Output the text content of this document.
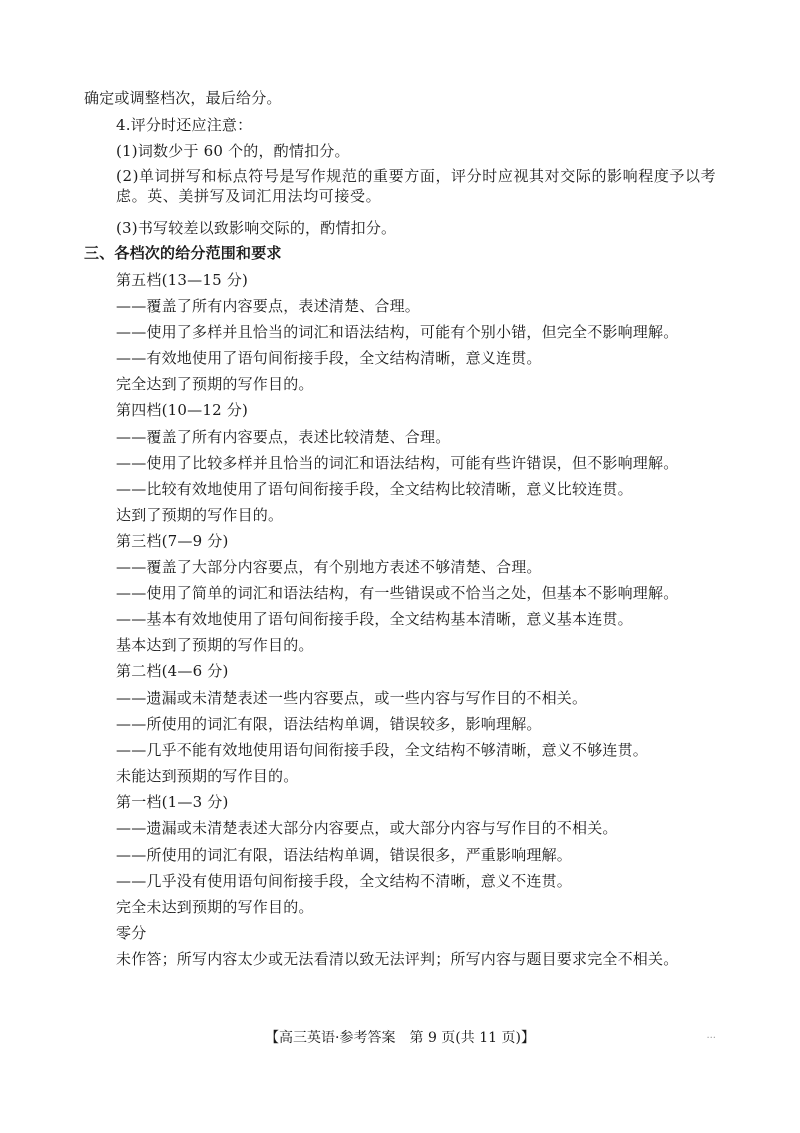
确定或调整档次，最后给分。
4.评分时还应注意：
(1)词数少于 60 个的，酌情扣分。
(2)单词拼写和标点符号是写作规范的重要方面，评分时应视其对交际的影响程度予以考虑。英、美拼写及词汇用法均可接受。
(3)书写较差以致影响交际的，酌情扣分。
三、各档次的给分范围和要求
第五档(13—15 分)
——覆盖了所有内容要点，表述清楚、合理。
——使用了多样并且恰当的词汇和语法结构，可能有个别小错，但完全不影响理解。
——有效地使用了语句间衔接手段，全文结构清晰，意义连贯。
完全达到了预期的写作目的。
第四档(10—12 分)
——覆盖了所有内容要点，表述比较清楚、合理。
——使用了比较多样并且恰当的词汇和语法结构，可能有些许错误，但不影响理解。
——比较有效地使用了语句间衔接手段，全文结构比较清晰，意义比较连贯。
达到了预期的写作目的。
第三档(7—9 分)
——覆盖了大部分内容要点，有个别地方表述不够清楚、合理。
——使用了简单的词汇和语法结构，有一些错误或不恰当之处，但基本不影响理解。
——基本有效地使用了语句间衔接手段，全文结构基本清晰，意义基本连贯。
基本达到了预期的写作目的。
第二档(4—6 分)
——遗漏或未清楚表述一些内容要点，或一些内容与写作目的不相关。
——所使用的词汇有限，语法结构单调，错误较多，影响理解。
——几乎不能有效地使用语句间衔接手段，全文结构不够清晰，意义不够连贯。
未能达到预期的写作目的。
第一档(1—3 分)
——遗漏或未清楚表述大部分内容要点，或大部分内容与写作目的不相关。
——所使用的词汇有限，语法结构单调，错误很多，严重影响理解。
——几乎没有使用语句间衔接手段，全文结构不清晰，意义不连贯。
完全未达到预期的写作目的。
零分
未作答；所写内容太少或无法看清以致无法评判；所写内容与题目要求完全不相关。
【高三英语·参考答案　第 9 页(共 11 页)】	...
